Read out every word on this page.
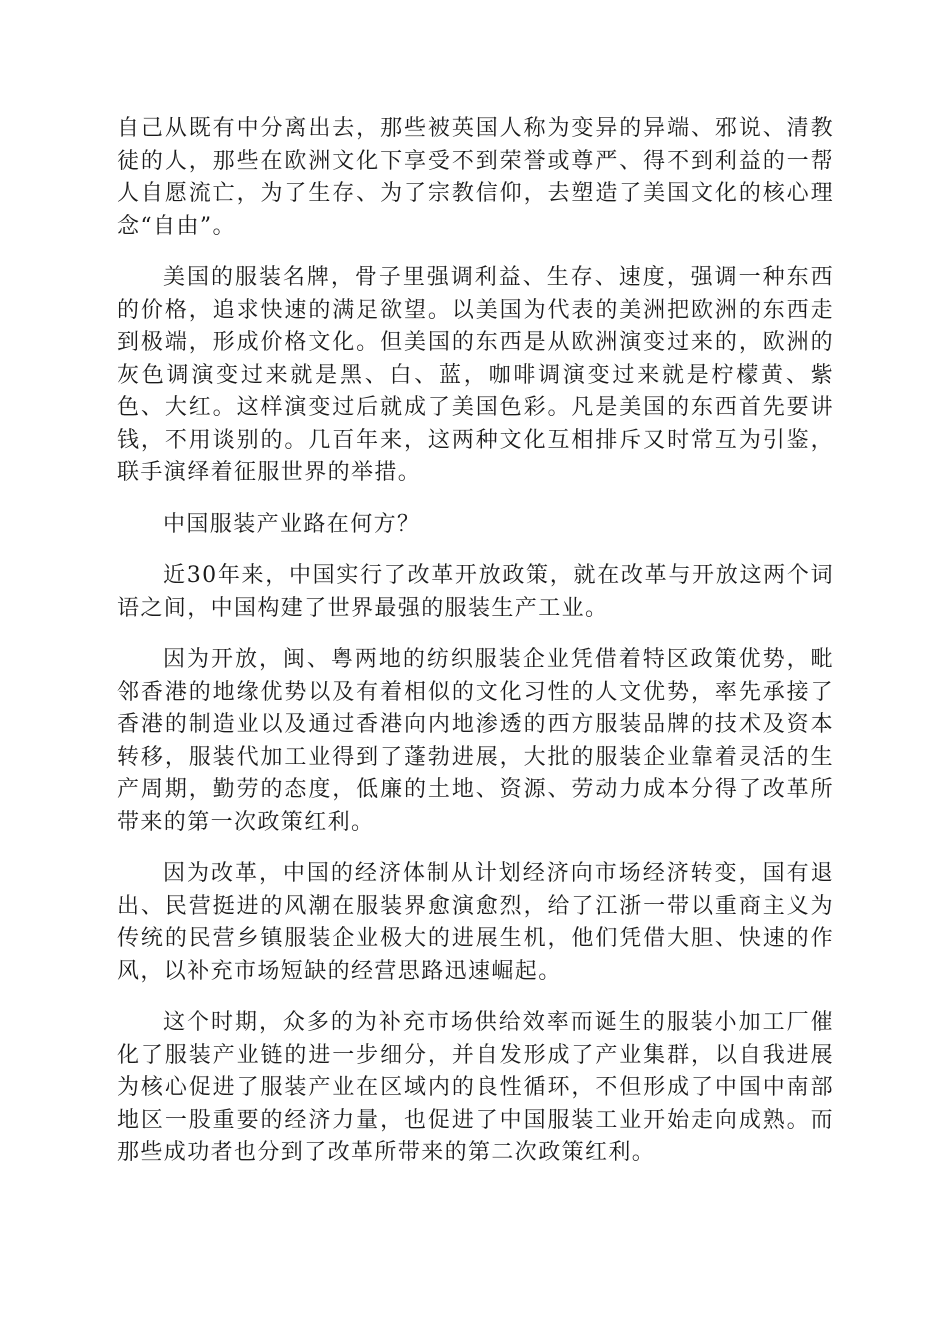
自己从既有中分离出去，那些被英国人称为变异的异端、邪说、清教徒的人，那些在欧洲文化下享受不到荣誉或尊严、得不到利益的一帮人自愿流亡，为了生存、为了宗教信仰，去塑造了美国文化的核心理念“自由”。

美国的服装名牌，骨子里强调利益、生存、速度，强调一种东西的价格，追求快速的满足欲望。以美国为代表的美洲把欧洲的东西走到极端，形成价格文化。但美国的东西是从欧洲演变过来的，欧洲的灰色调演变过来就是黑、白、蓝，咖啡调演变过来就是柠檬黄、紫色、大红。这样演变过后就成了美国色彩。凡是美国的东西首先要讲钱，不用谈别的。几百年来，这两种文化互相排斥又时常互为引鉴，联手演绎着征服世界的举措。

中国服装产业路在何方？

近30年来，中国实行了改革开放政策，就在改革与开放这两个词语之间，中国构建了世界最强的服装生产工业。

因为开放，闽、粤两地的纺织服装企业凭借着特区政策优势，毗邻香港的地缘优势以及有着相似的文化习性的人文优势，率先承接了香港的制造业以及通过香港向内地渗透的西方服装品牌的技术及资本转移，服装代加工业得到了蓬勃进展，大批的服装企业靠着灵活的生产周期，勤劳的态度，低廉的土地、资源、劳动力成本分得了改革所带来的第一次政策红利。

因为改革，中国的经济体制从计划经济向市场经济转变，国有退出、民营挺进的风潮在服装界愈演愈烈，给了江浙一带以重商主义为传统的民营乡镇服装企业极大的进展生机，他们凭借大胆、快速的作风，以补充市场短缺的经营思路迅速崛起。

这个时期，众多的为补充市场供给效率而诞生的服装小加工厂催化了服装产业链的进一步细分，并自发形成了产业集群，以自我进展为核心促进了服装产业在区域内的良性循环，不但形成了中国中南部地区一股重要的经济力量，也促进了中国服装工业开始走向成熟。而那些成功者也分到了改革所带来的第二次政策红利。
